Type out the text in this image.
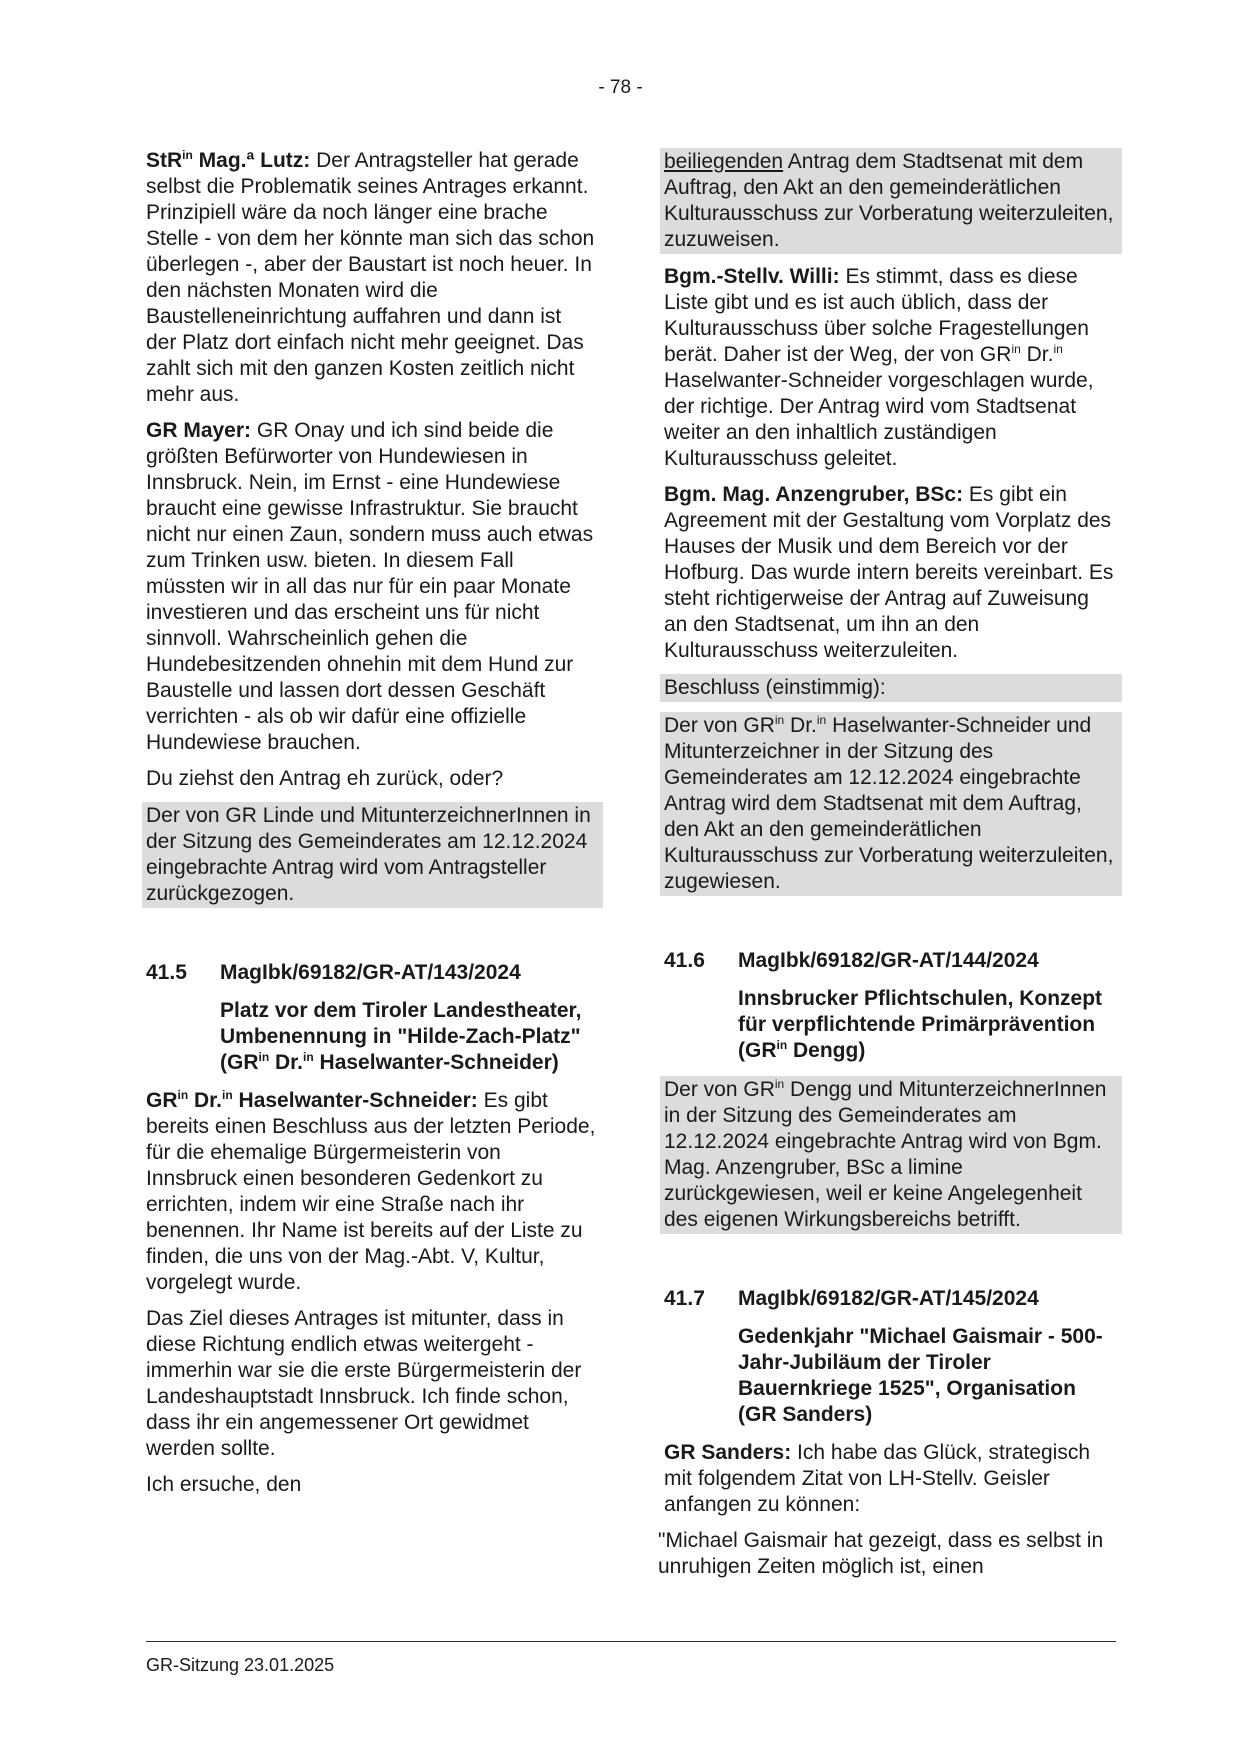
- 78 -

StR$^{in}$ Mag.ª Lutz: Der Antragsteller hat gerade selbst die Problematik seines Antrages erkannt. Prinzipiell wäre da noch länger eine brache Stelle - von dem her könnte man sich das schon überlegen -, aber der Baustart ist noch heuer. In den nächsten Monaten wird die Baustelleneinrichtung auffahren und dann ist der Platz dort einfach nicht mehr geeignet. Das zahlt sich mit den ganzen Kosten zeitlich nicht mehr aus.

GR Mayer: GR Onay und ich sind beide die größten Befürworter von Hundewiesen in Innsbruck. Nein, im Ernst - eine Hundewiese braucht eine gewisse Infrastruktur. Sie braucht nicht nur einen Zaun, sondern muss auch etwas zum Trinken usw. bieten. In diesem Fall müssten wir in all das nur für ein paar Monate investieren und das erscheint uns für nicht sinnvoll. Wahrscheinlich gehen die Hundebesitzenden ohnehin mit dem Hund zur Baustelle und lassen dort dessen Geschäft verrichten - als ob wir dafür eine offizielle Hundewiese brauchen.

Du ziehst den Antrag eh zurück, oder?

Der von GR Linde und MitunterzeichnerInnen in der Sitzung des Gemeinderates am 12.12.2024 eingebrachte Antrag wird vom Antragsteller zurückgezogen.

41.5	MagIbk/69182/GR-AT/143/2024
Platz vor dem Tiroler Landestheater, Umbenennung in "Hilde-Zach-Platz" ($GR^{in}$ Dr.$^{in}$ Haselwanter-Schneider)

$GR^{in}$ Dr.$^{in}$ Haselwanter-Schneider: Es gibt bereits einen Beschluss aus der letzten Periode, für die ehemalige Bürgermeisterin von Innsbruck einen besonderen Gedenkort zu errichten, indem wir eine Straße nach ihr benennen. Ihr Name ist bereits auf der Liste zu finden, die uns von der Mag.-Abt. V, Kultur, vorgelegt wurde.

Das Ziel dieses Antrages ist mitunter, dass in diese Richtung endlich etwas weitergeht - immerhin war sie die erste Bürgermeisterin der Landeshauptstadt Innsbruck. Ich finde schon, dass ihr ein angemessener Ort gewidmet werden sollte.

Ich ersuche, den

beiliegenden Antrag dem Stadtsenat mit dem Auftrag, den Akt an den gemeinderätlichen Kulturausschuss zur Vorberatung weiterzuleiten, zuzuweisen.

Bgm.-Stellv. Willi: Es stimmt, dass es diese Liste gibt und es ist auch üblich, dass der Kulturausschuss über solche Fragestellungen berät. Daher ist der Weg, der von $GR^{in}$ Dr.$^{in}$ Haselwanter-Schneider vorgeschlagen wurde, der richtige. Der Antrag wird vom Stadtsenat weiter an den inhaltlich zuständigen Kulturausschuss geleitet.

Bgm. Mag. Anzengruber, BSc: Es gibt ein Agreement mit der Gestaltung vom Vorplatz des Hauses der Musik und dem Bereich vor der Hofburg. Das wurde intern bereits vereinbart. Es steht richtigerweise der Antrag auf Zuweisung an den Stadtsenat, um ihn an den Kulturausschuss weiterzuleiten.

Beschluss (einstimmig):

Der von $GR^{in}$ Dr.$^{in}$ Haselwanter-Schneider und Mitunterzeichner in der Sitzung des Gemeinderates am 12.12.2024 eingebrachte Antrag wird dem Stadtsenat mit dem Auftrag, den Akt an den gemeinderätlichen Kulturausschuss zur Vorberatung weiterzuleiten, zugewiesen.

41.6	MagIbk/69182/GR-AT/144/2024
Innsbrucker Pflichtschulen, Konzept für verpflichtende Primärprävention ($GR^{in}$ Dengg)

Der von $GR^{in}$ Dengg und MitunterzeichnerInnen in der Sitzung des Gemeinderates am 12.12.2024 eingebrachte Antrag wird von Bgm. Mag. Anzengruber, BSc a limine zurückgewiesen, weil er keine Angelegenheit des eigenen Wirkungsbereichs betrifft.

41.7	MagIbk/69182/GR-AT/145/2024
Gedenkjahr "Michael Gaismair - 500-Jahr-Jubiläum der Tiroler Bauernkriege 1525", Organisation (GR Sanders)

GR Sanders: Ich habe das Glück, strategisch mit folgendem Zitat von LH-Stellv. Geisler anfangen zu können:

"Michael Gaismair hat gezeigt, dass es selbst in unruhigen Zeiten möglich ist, einen

GR-Sitzung 23.01.2025
